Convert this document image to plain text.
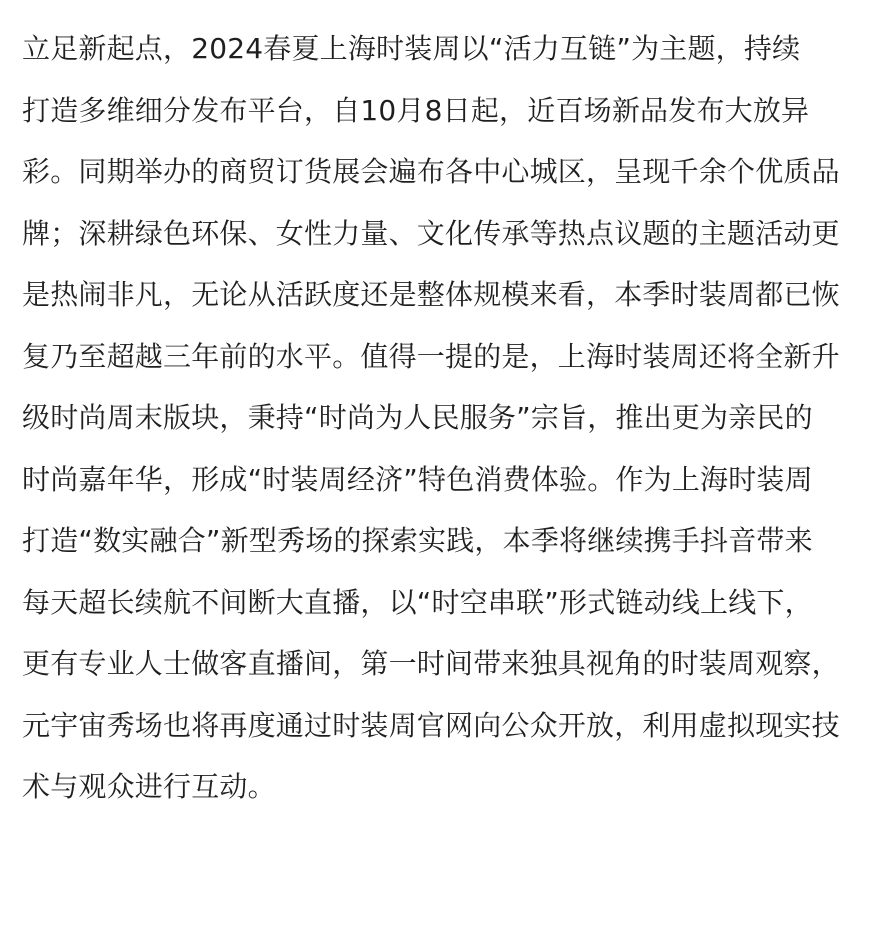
立足新起点，2024春夏上海时装周以“活力互链”为主题，持续
打造多维细分发布平台，自10月8日起，近百场新品发布大放异
彩。同期举办的商贸订货展会遍布各中心城区，呈现千余个优质品
牌；深耕绿色环保、女性力量、文化传承等热点议题的主题活动更
是热闹非凡，无论从活跃度还是整体规模来看，本季时装周都已恢
复乃至超越三年前的水平。值得一提的是，上海时装周还将全新升
级时尚周末版块，秉持“时尚为人民服务”宗旨，推出更为亲民的
时尚嘉年华，形成“时装周经济”特色消费体验。作为上海时装周
打造“数实融合”新型秀场的探索实践，本季将继续携手抖音带来
每天超长续航不间断大直播，以“时空串联”形式链动线上线下，
更有专业人士做客直播间，第一时间带来独具视角的时装周观察，
元宇宙秀场也将再度通过时装周官网向公众开放，利用虚拟现实技
术与观众进行互动。
